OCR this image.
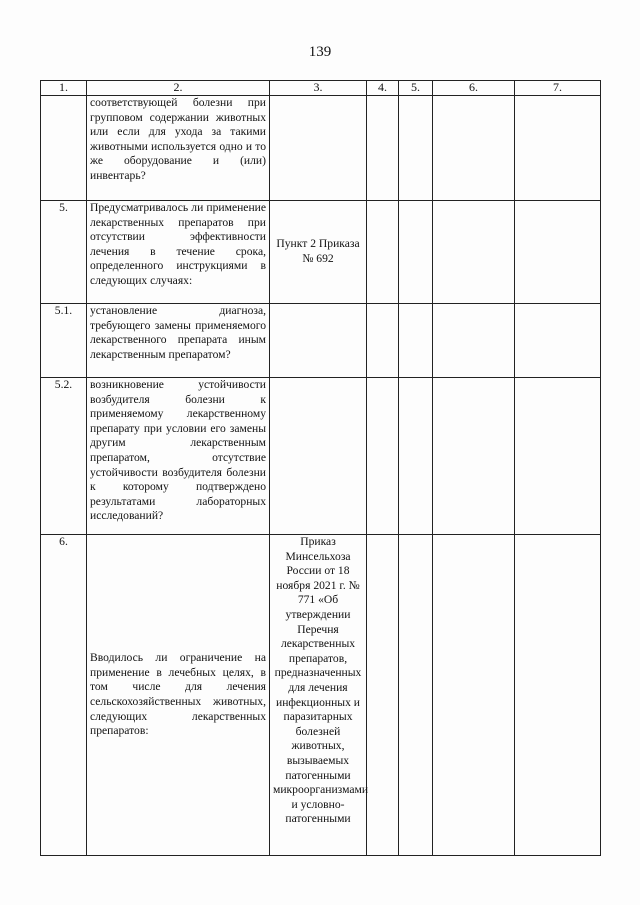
139
1.	2.	3.	4.	5.	6.	7.
	соответствующей болезни при групповом содержании животных или если для ухода за такими животными используется одно и то же оборудование и (или) инвентарь?					
5.	Предусматривалось ли применение лекарственных препаратов при отсутствии эффективности лечения в течение срока, определенного инструкциями в следующих случаях:	Пункт 2 Приказа № 692				
5.1.	установление диагноза, требующего замены применяемого лекарственного препарата иным лекарственным препаратом?					
5.2.	возникновение устойчивости возбудителя болезни к применяемому лекарственному препарату при условии его замены другим лекарственным препаратом, отсутствие устойчивости возбудителя болезни к которому подтверждено результатами лабораторных исследований?					
6.	Вводилось ли ограничение на применение в лечебных целях, в том числе для лечения сельскохозяйственных животных, следующих лекарственных препаратов:	Приказ Минсельхоза России от 18 ноября 2021 г. № 771 «Об утверждении Перечня лекарственных препаратов, предназначенных для лечения инфекционных и паразитарных болезней животных, вызываемых патогенными микроорганизмами и условно-патогенными				
